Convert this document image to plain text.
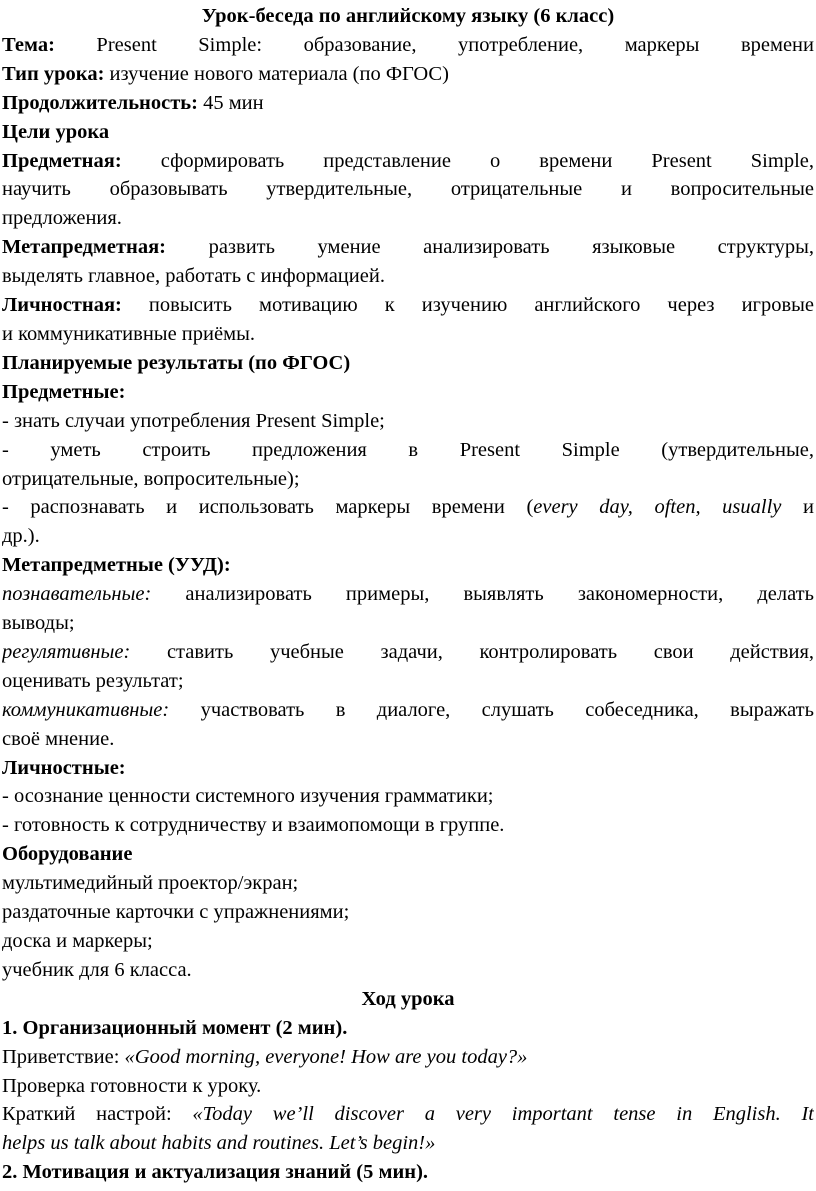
Урок-беседа по английскому языку (6 класс)
Тема: Present Simple: образование, употребление, маркеры времени
Тип урока: изучение нового материала (по ФГОС)
Продолжительность: 45 мин
Цели урока
Предметная: сформировать представление о времени Present Simple,
научить образовывать утвердительные, отрицательные и вопросительные
предложения.
Метапредметная: развить умение анализировать языковые структуры,
выделять главное, работать с информацией.
Личностная: повысить мотивацию к изучению английского через игровые
и коммуникативные приёмы.
Планируемые результаты (по ФГОС)
Предметные:
- знать случаи употребления Present Simple;
- уметь строить предложения в Present Simple (утвердительные,
отрицательные, вопросительные);
- распознавать и использовать маркеры времени (every day, often, usually и
др.).
Метапредметные (УУД):
познавательные: анализировать примеры, выявлять закономерности, делать
выводы;
регулятивные: ставить учебные задачи, контролировать свои действия,
оценивать результат;
коммуникативные: участвовать в диалоге, слушать собеседника, выражать
своё мнение.
Личностные:
- осознание ценности системного изучения грамматики;
- готовность к сотрудничеству и взаимопомощи в группе.
Оборудование
мультимедийный проектор/экран;
раздаточные карточки с упражнениями;
доска и маркеры;
учебник для 6 класса.
Ход урока
1. Организационный момент (2 мин).
Приветствие: «Good morning, everyone! How are you today?»
Проверка готовности к уроку.
Краткий настрой: «Today we’ll discover a very important tense in English. It
helps us talk about habits and routines. Let’s begin!»
2. Мотивация и актуализация знаний (5 мин).
